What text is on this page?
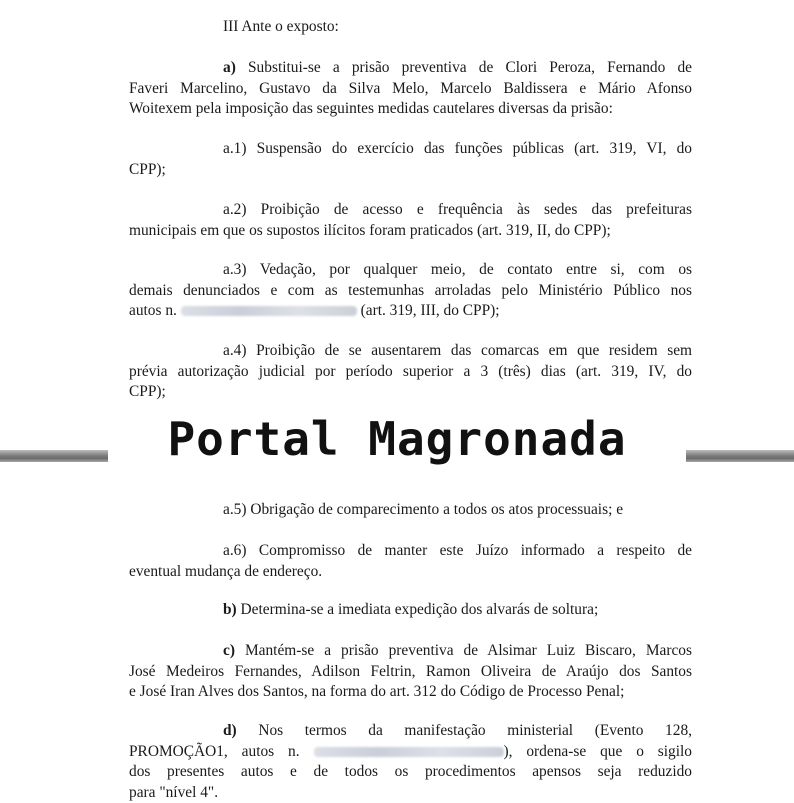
III Ante o exposto:
a) Substitui-se a prisão preventiva de Clori Peroza, Fernando de
Faveri Marcelino, Gustavo da Silva Melo, Marcelo Baldissera e Mário Afonso
Woitexem pela imposição das seguintes medidas cautelares diversas da prisão:
a.1) Suspensão do exercício das funções públicas (art. 319, VI, do
CPP);
a.2) Proibição de acesso e frequência às sedes das prefeituras
municipais em que os supostos ilícitos foram praticados (art. 319, II, do CPP);
a.3) Vedação, por qualquer meio, de contato entre si, com os
demais denunciados e com as testemunhas arroladas pelo Ministério Público nos
autos n.	(art. 319, III, do CPP);
a.4) Proibição de se ausentarem das comarcas em que residem sem
prévia autorização judicial por período superior a 3 (três) dias (art. 319, IV, do
CPP);
a.5) Obrigação de comparecimento a todos os atos processuais; e
a.6) Compromisso de manter este Juízo informado a respeito de
eventual mudança de endereço.
b) Determina-se a imediata expedição dos alvarás de soltura;
c) Mantém-se a prisão preventiva de Alsimar Luiz Biscaro, Marcos
José Medeiros Fernandes, Adilson Feltrin, Ramon Oliveira de Araújo dos Santos
e José Iran Alves dos Santos, na forma do art. 312 do Código de Processo Penal;
d) Nos termos da manifestação ministerial (Evento 128,
PROMOÇÃO1, autos n.	), ordena-se que o sigilo
dos presentes autos e de todos os procedimentos apensos seja reduzido
para "nível 4".
Portal Magronada
